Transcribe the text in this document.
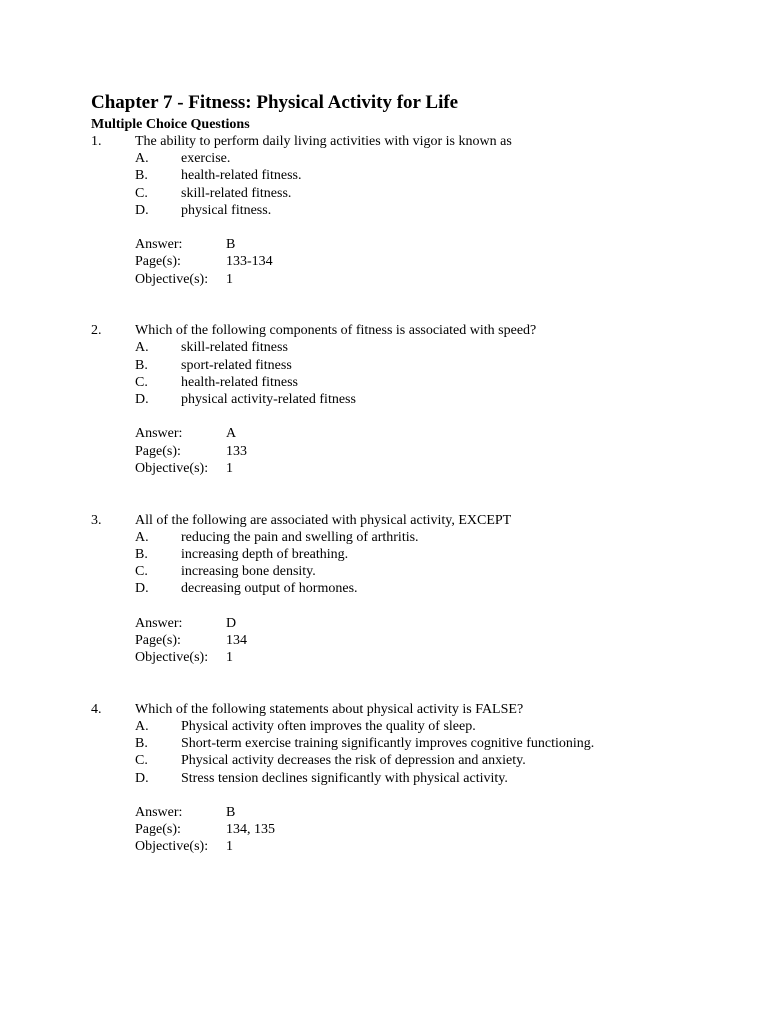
Chapter 7 - Fitness: Physical Activity for Life
Multiple Choice Questions
1. The ability to perform daily living activities with vigor is known as
A. exercise.
B. health-related fitness.
C. skill-related fitness.
D. physical fitness.
Answer:	B
Page(s):	133-134
Objective(s): 1
2. Which of the following components of fitness is associated with speed?
A. skill-related fitness
B. sport-related fitness
C. health-related fitness
D. physical activity-related fitness
Answer:	A
Page(s):	133
Objective(s): 1
3. All of the following are associated with physical activity, EXCEPT
A. reducing the pain and swelling of arthritis.
B. increasing depth of breathing.
C. increasing bone density.
D. decreasing output of hormones.
Answer:	D
Page(s):	134
Objective(s): 1
4. Which of the following statements about physical activity is FALSE?
A. Physical activity often improves the quality of sleep.
B. Short-term exercise training significantly improves cognitive functioning.
C. Physical activity decreases the risk of depression and anxiety.
D. Stress tension declines significantly with physical activity.
Answer:	B
Page(s):	134, 135
Objective(s): 1
